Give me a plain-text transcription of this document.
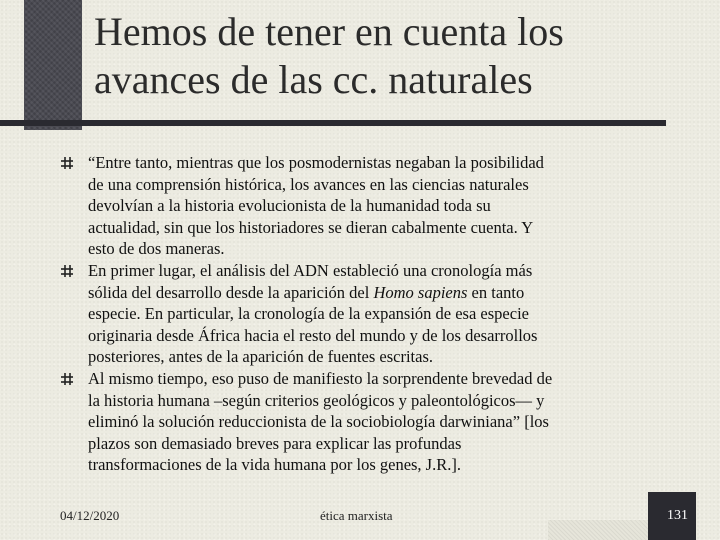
Hemos de tener en cuenta los
avances de las cc. naturales
“Entre tanto, mientras que los posmodernistas negaban la posibilidad
de una comprensión histórica, los avances en las ciencias naturales
devolvían a la historia evolucionista de la humanidad toda su
actualidad, sin que los historiadores se dieran cabalmente cuenta. Y
esto de dos maneras.
En primer lugar, el análisis del ADN estableció una cronología más
sólida del desarrollo desde la aparición del Homo sapiens en tanto
especie. En particular, la cronología de la expansión de esa especie
originaria desde África hacia el resto del mundo y de los desarrollos
posteriores, antes de la aparición de fuentes escritas.
Al mismo tiempo, eso puso de manifiesto la sorprendente brevedad de
la historia humana –según criterios geológicos y paleontológicos— y
eliminó la solución reduccionista de la sociobiología darwiniana” [los
plazos son demasiado breves para explicar las profundas
transformaciones de la vida humana por los genes, J.R.].
04/12/2020	ética marxista	131
